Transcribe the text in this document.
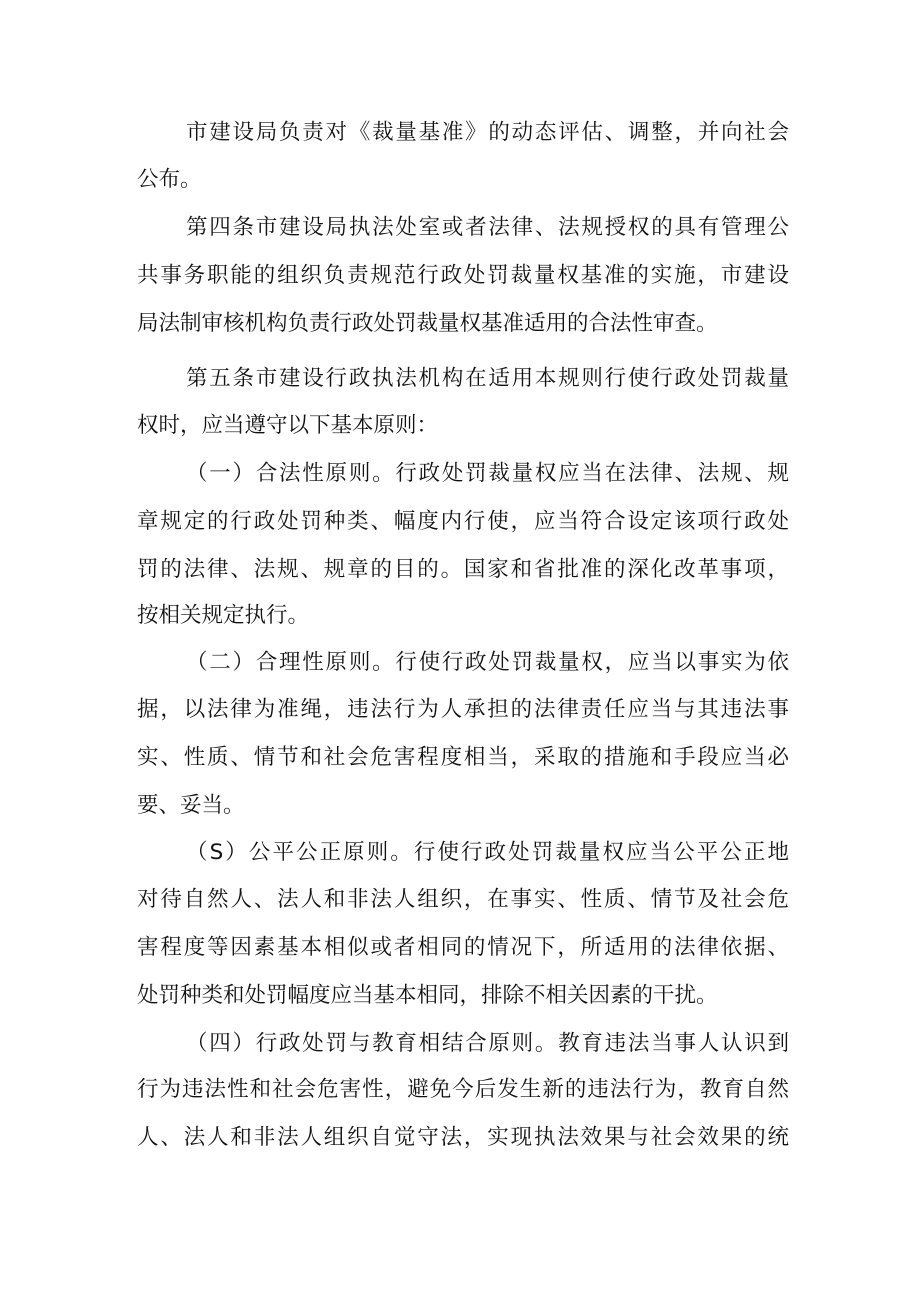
市建设局负责对《裁量基准》的动态评估、调整，并向社会
公布。
第四条市建设局执法处室或者法律、法规授权的具有管理公
共事务职能的组织负责规范行政处罚裁量权基准的实施，市建设
局法制审核机构负责行政处罚裁量权基准适用的合法性审查。
第五条市建设行政执法机构在适用本规则行使行政处罚裁量
权时，应当遵守以下基本原则：
（一）合法性原则。行政处罚裁量权应当在法律、法规、规
章规定的行政处罚种类、幅度内行使，应当符合设定该项行政处
罚的法律、法规、规章的目的。国家和省批准的深化改革事项，
按相关规定执行。
（二）合理性原则。行使行政处罚裁量权，应当以事实为依
据，以法律为准绳，违法行为人承担的法律责任应当与其违法事
实、性质、情节和社会危害程度相当，采取的措施和手段应当必
要、妥当。
（S）公平公正原则。行使行政处罚裁量权应当公平公正地
对待自然人、法人和非法人组织，在事实、性质、情节及社会危
害程度等因素基本相似或者相同的情况下，所适用的法律依据、
处罚种类和处罚幅度应当基本相同，排除不相关因素的干扰。
（四）行政处罚与教育相结合原则。教育违法当事人认识到
行为违法性和社会危害性，避免今后发生新的违法行为，教育自然
人、法人和非法人组织自觉守法，实现执法效果与社会效果的统
